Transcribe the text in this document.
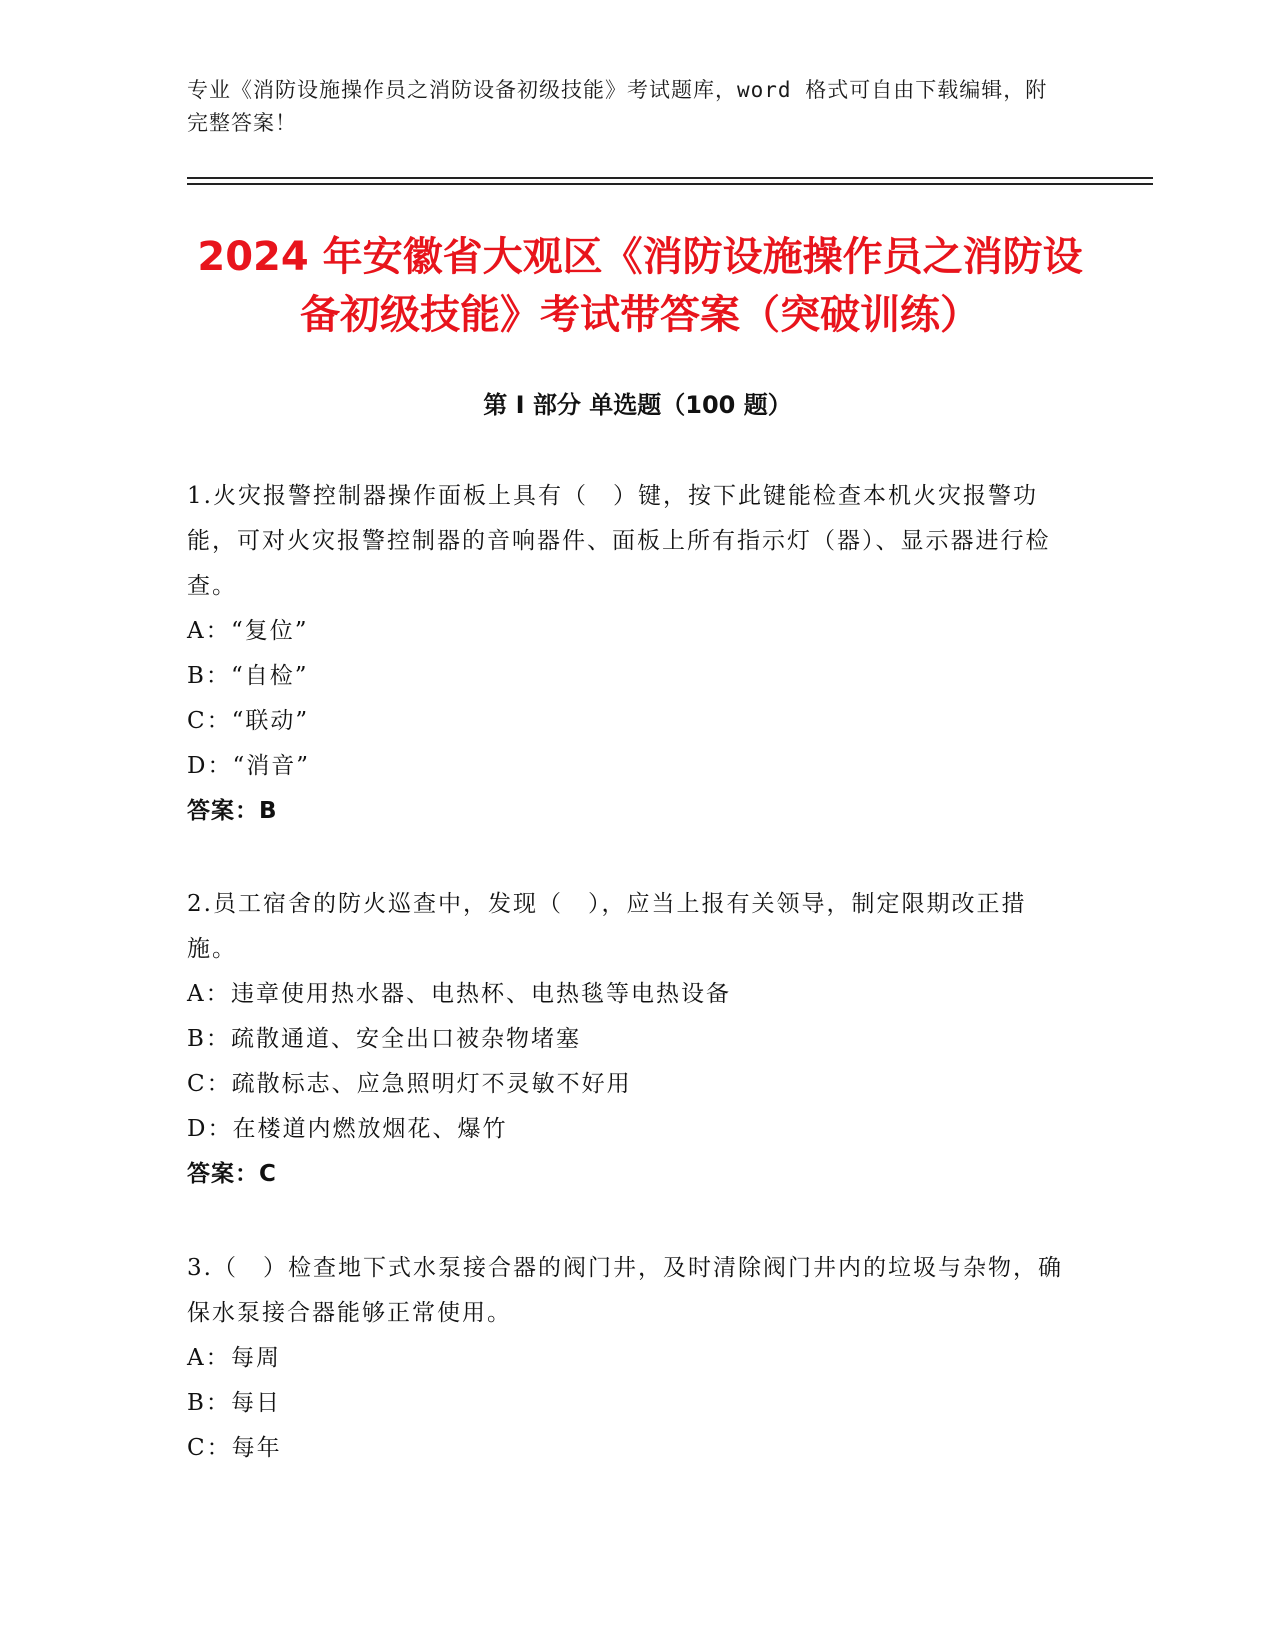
专业《消防设施操作员之消防设备初级技能》考试题库，word 格式可自由下载编辑，附完整答案！
2024 年安徽省大观区《消防设施操作员之消防设备初级技能》考试带答案（突破训练）
第 I 部分 单选题（100 题）
1.火灾报警控制器操作面板上具有（　）键，按下此键能检查本机火灾报警功能，可对火灾报警控制器的音响器件、面板上所有指示灯（器）、显示器进行检查。
A： “复位”
B： “自检”
C： “联动”
D： “消音”
答案：B
2.员工宿舍的防火巡查中，发现（　），应当上报有关领导，制定限期改正措施。
A： 违章使用热水器、电热杯、电热毯等电热设备
B： 疏散通道、安全出口被杂物堵塞
C： 疏散标志、应急照明灯不灵敏不好用
D： 在楼道内燃放烟花、爆竹
答案：C
3.（　）检查地下式水泵接合器的阀门井，及时清除阀门井内的垃圾与杂物，确保水泵接合器能够正常使用。
A： 每周
B： 每日
C： 每年
